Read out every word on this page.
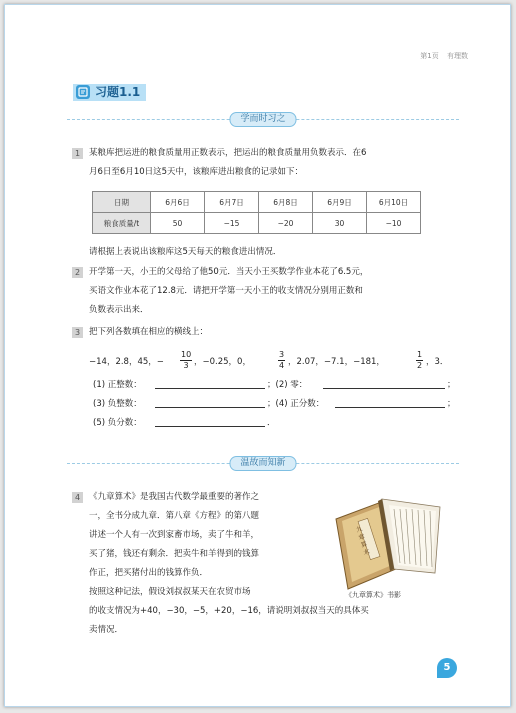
第1页 有理数
习题1.1
学而时习之
1	某粮库把运进的粮食质量用正数表示，把运出的粮食质量用负数表示．在6
月6日至6月10日这5天中，该粮库进出粮食的记录如下：
日期	6月6日	6月7日	6月8日	6月9日	6月10日
粮食质量/t	50	−15	−20	30	−10
请根据上表说出该粮库这5天每天的粮食进出情况．
2	开学第一天，小王的父母给了他50元．当天小王买数学作业本花了6.5元，
买语文作业本花了12.8元．请把开学第一天小王的收支情况分别用正数和
负数表示出来．
3	把下列各数填在相应的横线上：
−14，2.8，45，− $\frac{10}{3}$ ，−0.25，0，	$\frac{3}{4}$ ，2.07，−7.1，−181，	$\frac{1}{2}$ ，3．
(1) 正整数：	；(2) 零：	；
(3) 负整数：	；(4) 正分数：	；
(5) 负分数：	．
温故而知新
4	《九章算术》是我国古代数学最重要的著作之
一，全书分成九章．第八章《方程》的第八题
讲述一个人有一次到家畜市场，卖了牛和羊，
买了猪，钱还有剩余．把卖牛和羊得到的钱算
作正，把买猪付出的钱算作负．
按照这种记法，假设刘叔叔某天在农贸市场
的收支情况为+40，−30，−5，+20，−16，请说明刘叔叔当天的具体买
卖情况．
九章算术
《九章算术》书影
5
